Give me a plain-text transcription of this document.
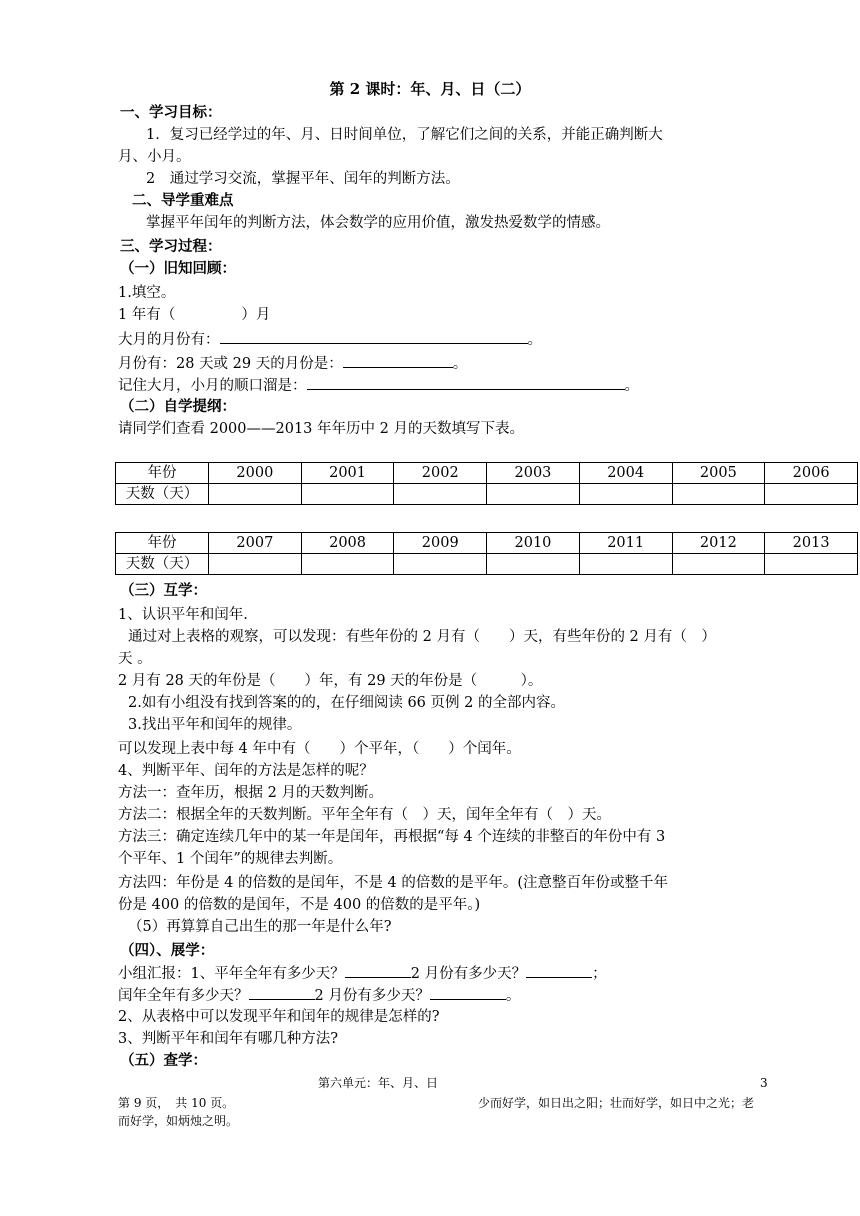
第 2 课时：年、月、日（二）
一、学习目标：
1．复习已经学过的年、月、日时间单位，了解它们之间的关系，并能正确判断大
月、小月。
2　通过学习交流，掌握平年、闰年的判断方法。
二、导学重难点
掌握平年闰年的判断方法，体会数学的应用价值，激发热爱数学的情感。
三、学习过程：
（一）旧知回顾：
1.填空。
1 年有（	）月
大月的月份有：	。
月份有：28 天或 29 天的月份是：	。
记住大月，小月的顺口溜是：	。
（二）自学提纲：
请同学们查看 2000——2013 年年历中 2 月的天数填写下表。
年份	2000	2001	2002	2003	2004	2005	2006
天数（天）							
年份	2007	2008	2009	2010	2011	2012	2013
天数（天）							
（三）互学：
1、认识平年和闰年.
通过对上表格的观察，可以发现：有些年份的 2 月有（　　）天，有些年份的 2 月有（　）
天 。
2 月有 28 天的年份是（　　）年，有 29 天的年份是（　　　）。
2.如有小组没有找到答案的的，在仔细阅读 66 页例 2 的全部内容。
3.找出平年和闰年的规律。
可以发现上表中每 4 年中有（　　）个平年，（　　）个闰年。
4、判断平年、闰年的方法是怎样的呢？
方法一：查年历，根据 2 月的天数判断。
方法二：根据全年的天数判断。平年全年有（　）天，闰年全年有（　）天。
方法三：确定连续几年中的某一年是闰年，再根据“每 4 个连续的非整百的年份中有 3
个平年、1 个闰年”的规律去判断。
方法四：年份是 4 的倍数的是闰年，不是 4 的倍数的是平年。(注意整百年份或整千年
份是 400 的倍数的是闰年，不是 400 的倍数的是平年。)
（5）再算算自己出生的那一年是什么年?
（四）、展学：
小组汇报：1、平年全年有多少天？	2 月份有多少天？	；
闰年全年有多少天？	2 月份有多少天？	。
2、从表格中可以发现平年和闰年的规律是怎样的?
3、判断平年和闰年有哪几种方法?
（五）查学：
第六单元：年、月、日	3
第 9 页，　共 10 页。	少而好学，如日出之阳；壮而好学，如日中之光；老
而好学，如炳烛之明。
